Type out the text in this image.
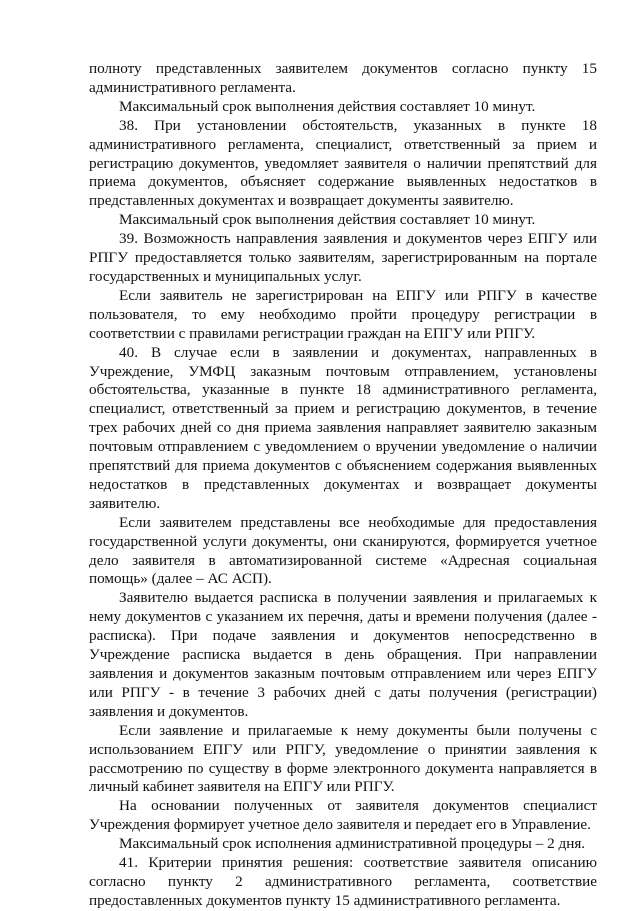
полноту представленных заявителем документов согласно пункту 15 административного регламента.

Максимальный срок выполнения действия составляет 10 минут.

38. При установлении обстоятельств, указанных в пункте 18 административного регламента, специалист, ответственный за прием и регистрацию документов, уведомляет заявителя о наличии препятствий для приема документов, объясняет содержание выявленных недостатков в представленных документах и возвращает документы заявителю.

Максимальный срок выполнения действия составляет 10 минут.

39. Возможность направления заявления и документов через ЕПГУ или РПГУ предоставляется только заявителям, зарегистрированным на портале государственных и муниципальных услуг.

Если заявитель не зарегистрирован на ЕПГУ или РПГУ в качестве пользователя, то ему необходимо пройти процедуру регистрации в соответствии с правилами регистрации граждан на ЕПГУ или РПГУ.

40. В случае если в заявлении и документах, направленных в Учреждение, УМФЦ заказным почтовым отправлением, установлены обстоятельства, указанные в пункте 18 административного регламента, специалист, ответственный за прием и регистрацию документов, в течение трех рабочих дней со дня приема заявления направляет заявителю заказным почтовым отправлением с уведомлением о вручении уведомление о наличии препятствий для приема документов с объяснением содержания выявленных недостатков в представленных документах и возвращает документы заявителю.

Если заявителем представлены все необходимые для предоставления государственной услуги документы, они сканируются, формируется учетное дело заявителя в автоматизированной системе «Адресная социальная помощь» (далее – АС АСП).

Заявителю выдается расписка в получении заявления и прилагаемых к нему документов с указанием их перечня, даты и времени получения (далее - расписка). При подаче заявления и документов непосредственно в Учреждение расписка выдается в день обращения. При направлении заявления и документов заказным почтовым отправлением или через ЕПГУ или РПГУ - в течение 3 рабочих дней с даты получения (регистрации) заявления и документов.

Если заявление и прилагаемые к нему документы были получены с использованием ЕПГУ или РПГУ, уведомление о принятии заявления к рассмотрению по существу в форме электронного документа направляется в личный кабинет заявителя на ЕПГУ или РПГУ.

На основании полученных от заявителя документов специалист Учреждения формирует учетное дело заявителя и передает его в Управление.

Максимальный срок исполнения административной процедуры – 2 дня.

41. Критерии принятия решения: соответствие заявителя описанию согласно пункту 2 административного регламента, соответствие предоставленных документов пункту 15 административного регламента.
